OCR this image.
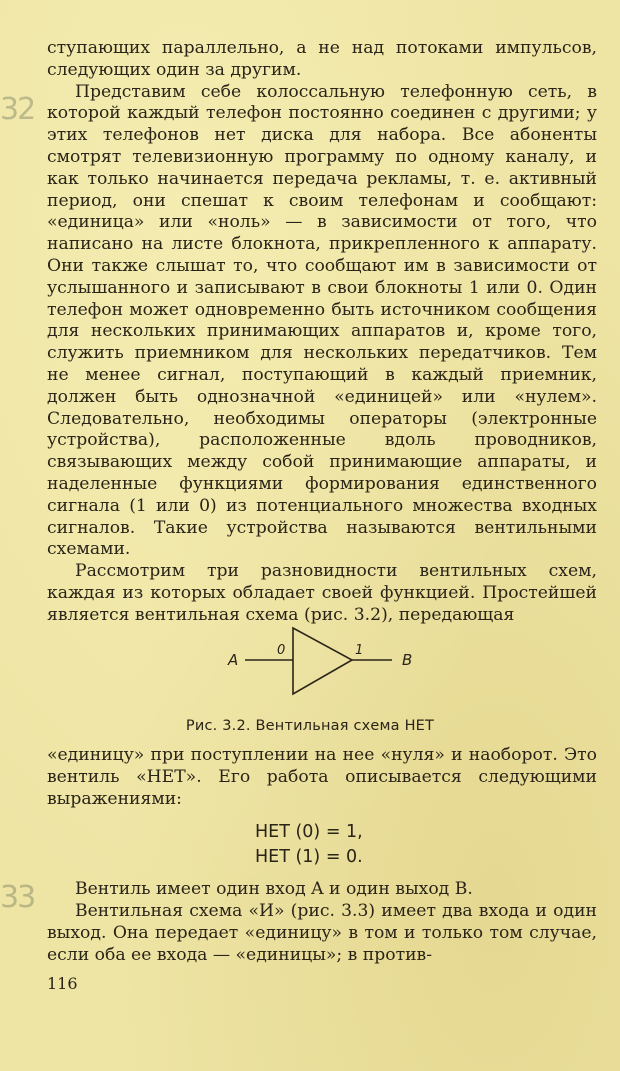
32
33

ступающих параллельно, а не над потоками импульсов, следующих один за другим.

Представим себе колоссальную телефонную сеть, в которой каждый телефон постоянно соединен с другими; у этих телефонов нет диска для набора. Все абоненты смотрят телевизионную программу по одному каналу, и как только начинается передача рекламы, т. е. активный период, они спешат к своим телефонам и сообщают: «единица» или «ноль» — в зависимости от того, что написано на листе блокнота, прикрепленного к аппарату. Они также слышат то, что сообщают им в зависимости от услышанного и записывают в свои блокноты 1 или 0. Один телефон может одновременно быть источником сообщения для нескольких принимающих аппаратов и, кроме того, служить приемником для нескольких передатчиков. Тем не менее сигнал, поступающий в каждый приемник, должен быть однозначной «единицей» или «нулем». Следовательно, необходимы операторы (электронные устройства), расположенные вдоль проводников, связывающих между собой принимающие аппараты, и наделенные функциями формирования единственного сигнала (1 или 0) из потенциального множества входных сигналов. Такие устройства называются вентильными схемами.

Рассмотрим три разновидности вентильных схем, каждая из которых обладает своей функцией. Простейшей является вентильная схема (рис. 3.2), передающая

A
0	1
B
Рис. 3.2. Вентильная схема НЕТ

«единицу» при поступлении на нее «нуля» и наоборот. Это вентиль «НЕТ». Его работа описывается следующими выражениями:

НЕТ (0) = 1,
НЕТ (1) = 0.

Вентиль имеет один вход A и один выход B.

Вентильная схема «И» (рис. 3.3) имеет два входа и один выход. Она передает «единицу» в том и только том случае, если оба ее входа — «единицы»; в против-

116
